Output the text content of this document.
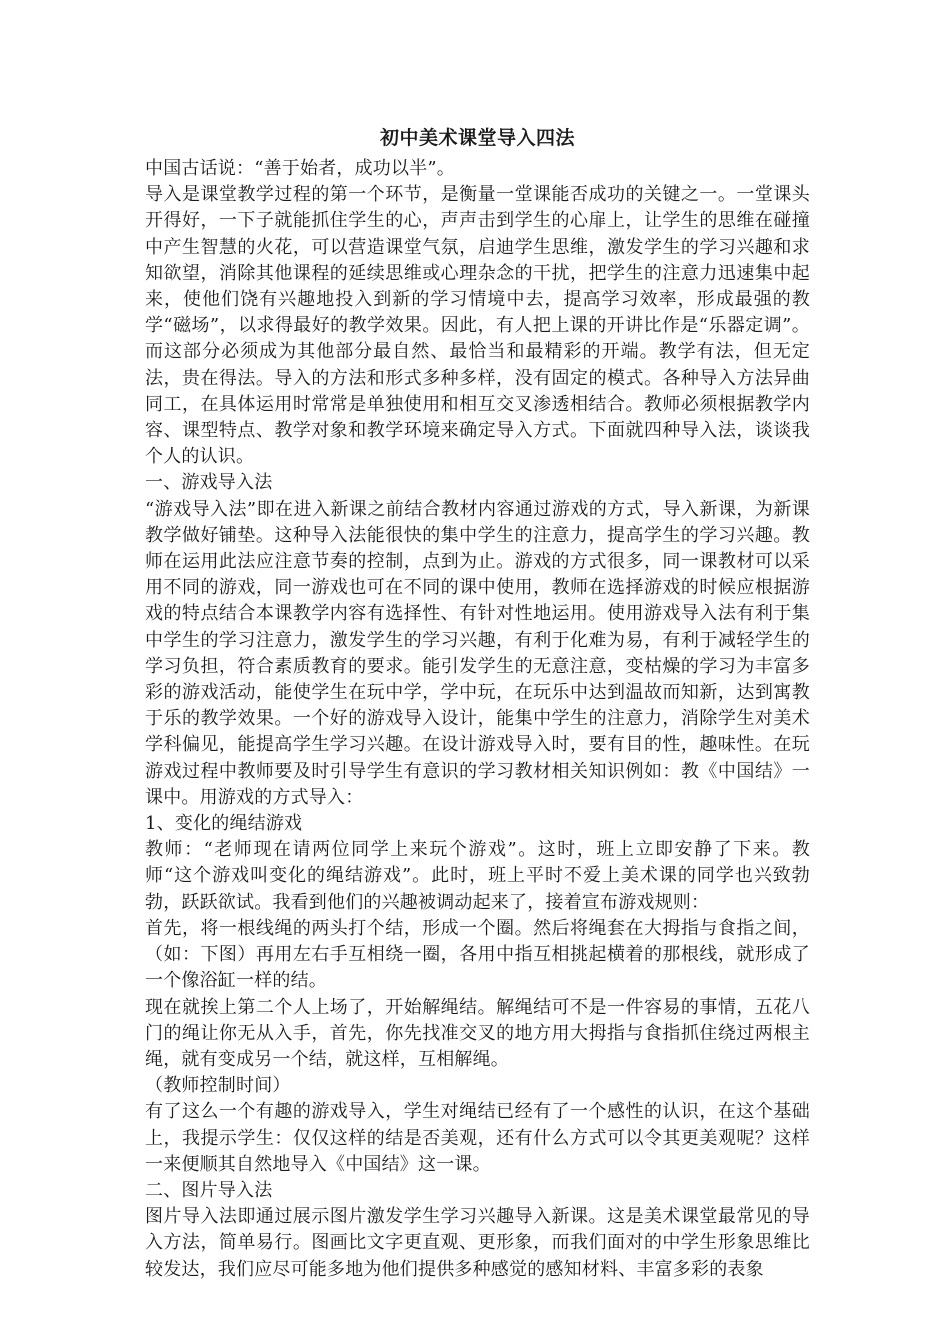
初中美术课堂导入四法

中国古话说：“善于始者，成功以半”。

导入是课堂教学过程的第一个环节，是衡量一堂课能否成功的关键之一。一堂课头开得好，一下子就能抓住学生的心，声声击到学生的心扉上，让学生的思维在碰撞中产生智慧的火花，可以营造课堂气氛，启迪学生思维，激发学生的学习兴趣和求知欲望，消除其他课程的延续思维或心理杂念的干扰，把学生的注意力迅速集中起来，使他们饶有兴趣地投入到新的学习情境中去，提高学习效率，形成最强的教学“磁场”，以求得最好的教学效果。因此，有人把上课的开讲比作是“乐器定调”。而这部分必须成为其他部分最自然、最恰当和最精彩的开端。教学有法，但无定法，贵在得法。导入的方法和形式多种多样，没有固定的模式。各种导入方法异曲同工，在具体运用时常常是单独使用和相互交叉渗透相结合。教师必须根据教学内容、课型特点、教学对象和教学环境来确定导入方式。下面就四种导入法，谈谈我个人的认识。

一、游戏导入法

“游戏导入法”即在进入新课之前结合教材内容通过游戏的方式，导入新课，为新课教学做好铺垫。这种导入法能很快的集中学生的注意力，提高学生的学习兴趣。教师在运用此法应注意节奏的控制，点到为止。游戏的方式很多，同一课教材可以采用不同的游戏，同一游戏也可在不同的课中使用，教师在选择游戏的时候应根据游戏的特点结合本课教学内容有选择性、有针对性地运用。使用游戏导入法有利于集中学生的学习注意力，激发学生的学习兴趣，有利于化难为易，有利于减轻学生的学习负担，符合素质教育的要求。能引发学生的无意注意，变枯燥的学习为丰富多彩的游戏活动，能使学生在玩中学，学中玩，在玩乐中达到温故而知新，达到寓教于乐的教学效果。一个好的游戏导入设计，能集中学生的注意力，消除学生对美术学科偏见，能提高学生学习兴趣。在设计游戏导入时，要有目的性，趣味性。在玩游戏过程中教师要及时引导学生有意识的学习教材相关知识例如：教《中国结》一课中。用游戏的方式导入：

1、变化的绳结游戏

教师：“老师现在请两位同学上来玩个游戏”。这时，班上立即安静了下来。教师“这个游戏叫变化的绳结游戏”。此时，班上平时不爱上美术课的同学也兴致勃勃，跃跃欲试。我看到他们的兴趣被调动起来了，接着宣布游戏规则：

首先，将一根线绳的两头打个结，形成一个圈。然后将绳套在大拇指与食指之间，（如：下图）再用左右手互相绕一圈，各用中指互相挑起横着的那根线，就形成了一个像浴缸一样的结。

现在就挨上第二个人上场了，开始解绳结。解绳结可不是一件容易的事情，五花八门的绳让你无从入手，首先，你先找准交叉的地方用大拇指与食指抓住绕过两根主绳，就有变成另一个结，就这样，互相解绳。

（教师控制时间）

有了这么一个有趣的游戏导入，学生对绳结已经有了一个感性的认识，在这个基础上，我提示学生：仅仅这样的结是否美观，还有什么方式可以令其更美观呢？这样一来便顺其自然地导入《中国结》这一课。

二、图片导入法

图片导入法即通过展示图片激发学生学习兴趣导入新课。这是美术课堂最常见的导入方法，简单易行。图画比文字更直观、更形象，而我们面对的中学生形象思维比较发达，我们应尽可能多地为他们提供多种感觉的感知材料、丰富多彩的表象
